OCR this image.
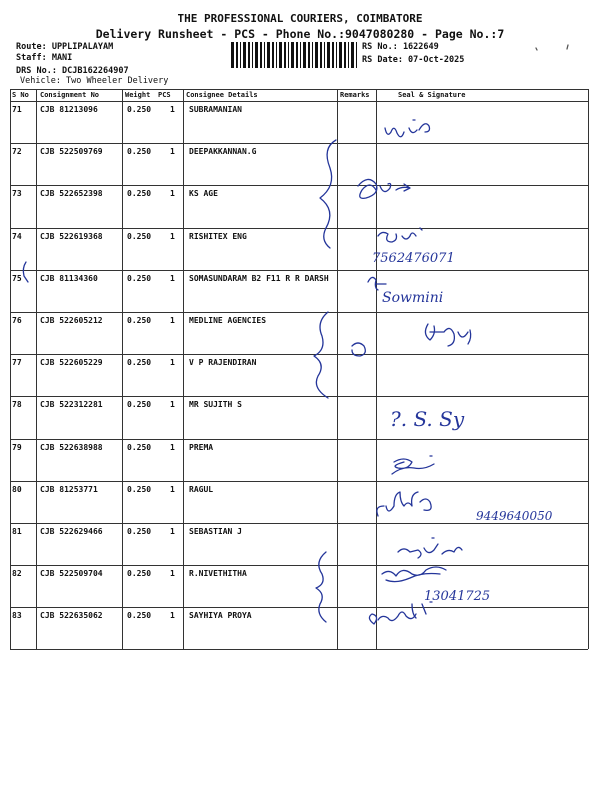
THE PROFESSIONAL COURIERS, COIMBATORE
Delivery Runsheet - PCS - Phone No.:9047080280 - Page No.:7
Route: UPPLIPALAYAM
Staff: MANI
DRS No.: DCJB162264907
Vehicle: Two Wheeler Delivery
RS No.: 1622649
RS Date: 07-Oct-2025
S No Consignment No	Weight PCS Consignee Details	Remarks	Seal & Signature
71 CJB 81213096	0.250 1 SUBRAMANIAN
72 CJB 522509769	0.250 1 DEEPAKKANNAN.G
73 CJB 522652398	0.250 1 KS AGE
74 CJB 522619368	0.250 1 RISHITEX ENG
75 CJB 81134360	0.250 1 SOMASUNDARAM B2 F11 R R DARSH
76 CJB 522605212	0.250 1 MEDLINE AGENCIES
77 CJB 522605229	0.250 1 V P RAJENDIRAN
78 CJB 522312281	0.250 1 MR SUJITH S
79 CJB 522638988	0.250 1 PREMA
80 CJB 81253771	0.250 1 RAGUL
81 CJB 522629466	0.250 1 SEBASTIAN J
82 CJB 522509704	0.250 1 R.NIVETHITHA
83 CJB 522635062	0.250 1 SAYHIYA PROYA
7562476071
Sowmini
?. S. Sy
9449640050
13041725
